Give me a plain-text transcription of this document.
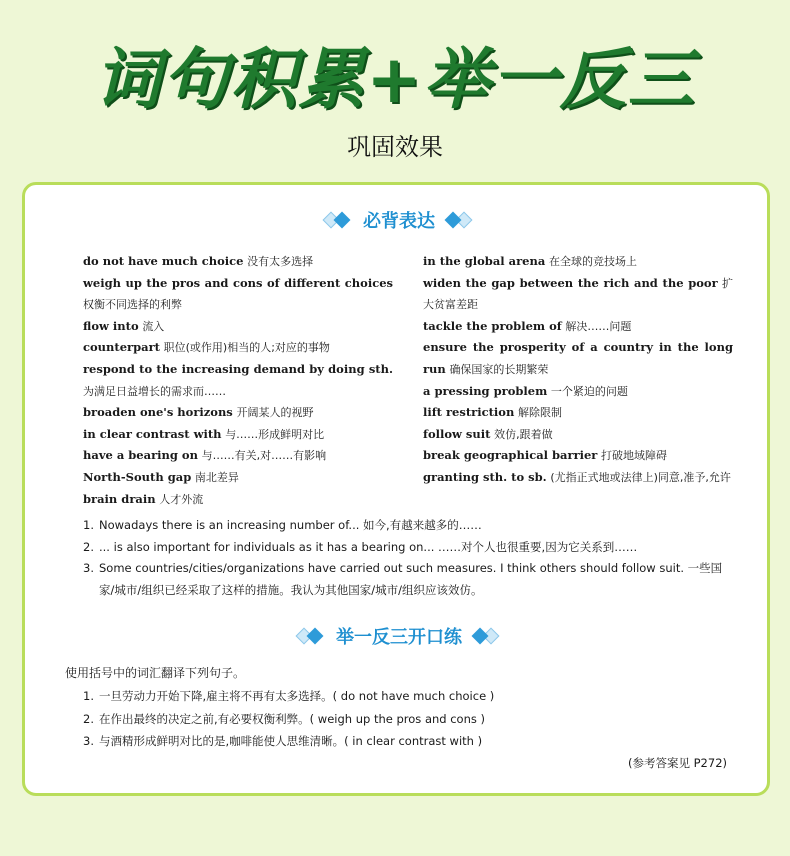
词句积累+举一反三
巩固效果
必背表达
do not have much choice 没有太多选择
weigh up the pros and cons of different choices 权衡不同选择的利弊
flow into 流入
counterpart 职位(或作用)相当的人;对应的事物
respond to the increasing demand by doing sth. 为满足日益增长的需求而……
broaden one's horizons 开阔某人的视野
in clear contrast with 与……形成鲜明对比
have a bearing on 与……有关,对……有影响
North-South gap 南北差异
brain drain 人才外流
in the global arena 在全球的竞技场上
widen the gap between the rich and the poor 扩大贫富差距
tackle the problem of 解决……问题
ensure the prosperity of a country in the long run 确保国家的长期繁荣
a pressing problem 一个紧迫的问题
lift restriction 解除限制
follow suit 效仿,跟着做
break geographical barrier 打破地域障碍
granting sth. to sb. (尤指正式地或法律上)同意,准予,允许
1. Nowadays there is an increasing number of... 如今,有越来越多的……
2. ... is also important for individuals as it has a bearing on... ……对个人也很重要,因为它关系到……
3. Some countries/cities/organizations have carried out such measures. I think others should follow suit. 一些国家/城市/组织已经采取了这样的措施。我认为其他国家/城市/组织应该效仿。
举一反三开口练
使用括号中的词汇翻译下列句子。
1. 一旦劳动力开始下降,雇主将不再有太多选择。( do not have much choice )
2. 在作出最终的决定之前,有必要权衡利弊。( weigh up the pros and cons )
3. 与酒精形成鲜明对比的是,咖啡能使人思维清晰。( in clear contrast with )
(参考答案见 P272)
